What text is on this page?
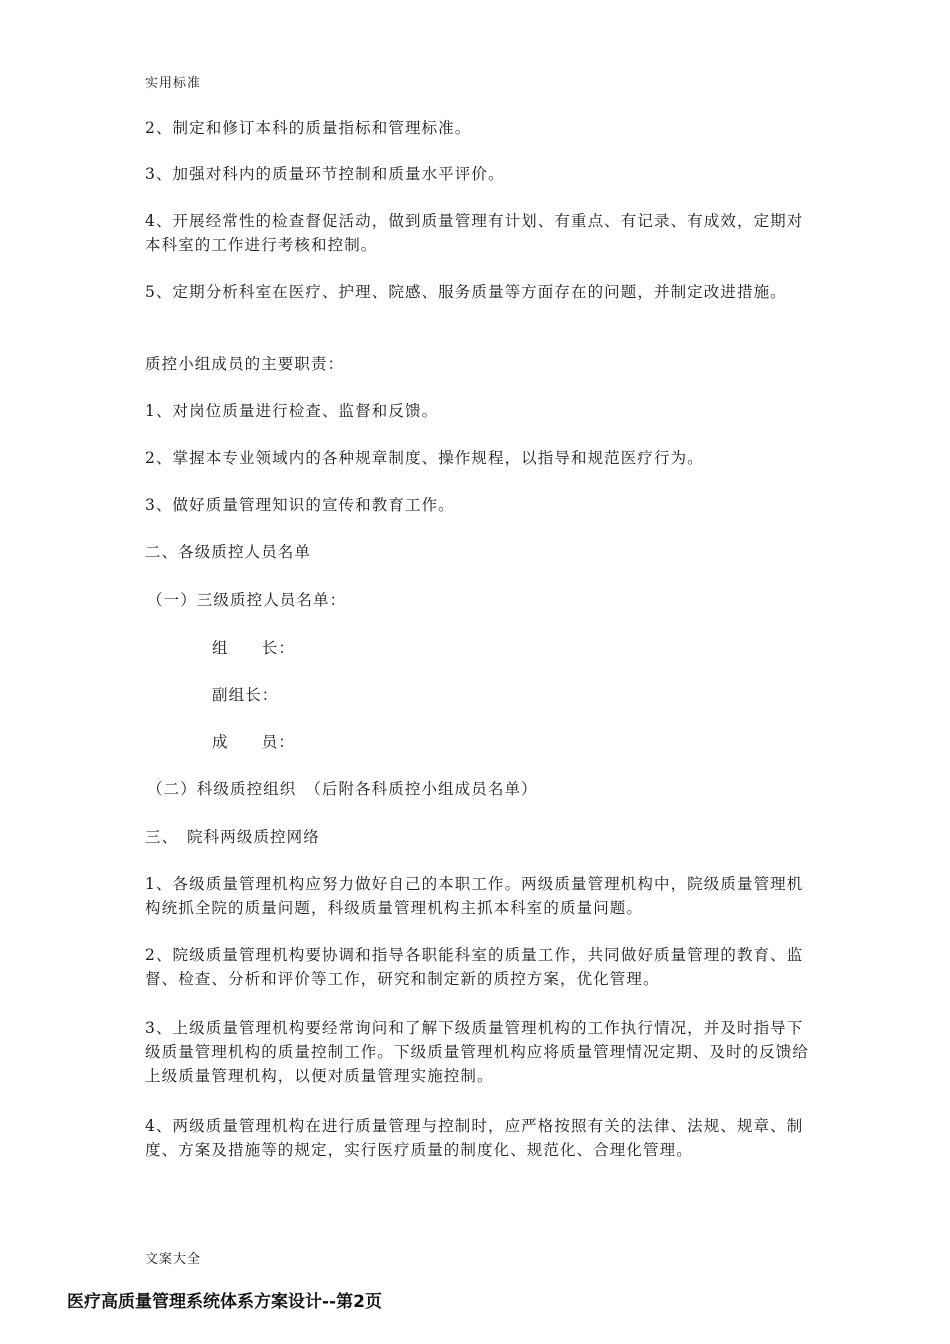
实用标准

2、制定和修订本科的质量指标和管理标准。

3、加强对科内的质量环节控制和质量水平评价。

4、开展经常性的检查督促活动，做到质量管理有计划、有重点、有记录、有成效，定期对本科室的工作进行考核和控制。

5、定期分析科室在医疗、护理、院感、服务质量等方面存在的问题，并制定改进措施。

质控小组成员的主要职责：

1、对岗位质量进行检查、监督和反馈。

2、掌握本专业领域内的各种规章制度、操作规程，以指导和规范医疗行为。

3、做好质量管理知识的宣传和教育工作。

二、各级质控人员名单

（一）三级质控人员名单：

组　　长：

副组长：

成　　员：

（二）科级质控组织　（后附各科质控小组成员名单）

三、　院科两级质控网络

1、各级质量管理机构应努力做好自己的本职工作。两级质量管理机构中，院级质量管理机构统抓全院的质量问题，科级质量管理机构主抓本科室的质量问题。

2、院级质量管理机构要协调和指导各职能科室的质量工作，共同做好质量管理的教育、监督、检查、分析和评价等工作，研究和制定新的质控方案，优化管理。

3、上级质量管理机构要经常询问和了解下级质量管理机构的工作执行情况，并及时指导下级质量管理机构的质量控制工作。下级质量管理机构应将质量管理情况定期、及时的反馈给上级质量管理机构，以便对质量管理实施控制。

4、两级质量管理机构在进行质量管理与控制时，应严格按照有关的法律、法规、规章、制度、方案及措施等的规定，实行医疗质量的制度化、规范化、合理化管理。

文案大全
医疗高质量管理系统体系方案设计--第2页
